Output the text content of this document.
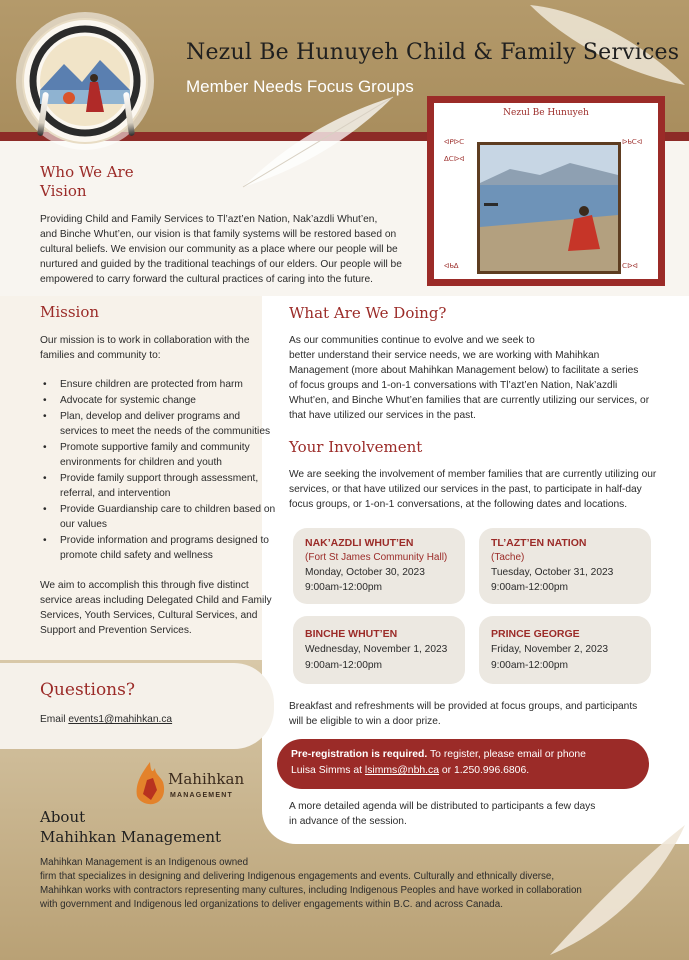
Nezul Be Hunuyeh Child & Family Services
Member Needs Focus Groups
Nezul Be Hunuyeh
ᐊᑭᐅᑕ
ᐃᑕᐅᐊ
ᐅᑲᑕᐊ
ᐊᑲᐃ	ᑕᐅᐊ
Who We Are
Vision
Providing Child and Family Services to Tl’azt’en Nation, Nak’azdli Whut’en,
and Binche Whut’en, our vision is that family systems will be restored based on
cultural beliefs. We envision our community as a place where our people will be
nurtured and guided by the traditional teachings of our elders. Our people will be
empowered to carry forward the cultural practices of caring into the future.
Mission
Our mission is to work in collaboration with the
families and community to:
• Ensure children are protected from harm
• Advocate for systemic change
• Plan, develop and deliver programs and services to meet the needs of the communities
• Promote supportive family and community environments for children and youth
• Provide family support through assessment, referral, and intervention
• Provide Guardianship care to children based on our values
• Provide information and programs designed to promote child safety and wellness
We aim to accomplish this through five distinct
service areas including Delegated Child and Family
Services, Youth Services, Cultural Services, and
Support and Prevention Services.
What Are We Doing?
As our communities continue to evolve and we seek to
better understand their service needs, we are working with Mahihkan
Management (more about Mahihkan Management below) to facilitate a series
of focus groups and 1-on-1 conversations with Tl’azt’en Nation, Nak’azdli
Whut’en, and Binche Whut’en families that are currently utilizing our services, or
that have utilized our services in the past.
Your Involvement
We are seeking the involvement of member families that are currently utilizing our
services, or that have utilized our services in the past, to participate in half-day
focus groups, or 1-on-1 conversations, at the following dates and locations.
NAK’AZDLI WHUT’EN
(Fort St James Community Hall)
Monday, October 30, 2023
9:00am-12:00pm
TL’AZT’EN NATION
(Tache)
Tuesday, October 31, 2023
9:00am-12:00pm
BINCHE WHUT’EN
Wednesday, November 1, 2023
9:00am-12:00pm
PRINCE GEORGE
Friday, November 2, 2023
9:00am-12:00pm
Breakfast and refreshments will be provided at focus groups, and participants
will be eligible to win a door prize.
Questions?
Email events1@mahihkan.ca
Pre-registration is required. To register, please email or phone
Luisa Simms at lsimms@nbh.ca or 1.250.996.6806.
A more detailed agenda will be distributed to participants a few days
in advance of the session.
Mahihkan
MANAGEMENT
About
Mahihkan Management
Mahihkan Management is an Indigenous owned
firm that specializes in designing and delivering Indigenous engagements and events. Culturally and ethnically diverse,
Mahihkan works with contractors representing many cultures, including Indigenous Peoples and have worked in collaboration
with government and Indigenous led organizations to deliver engagements within B.C. and across Canada.
